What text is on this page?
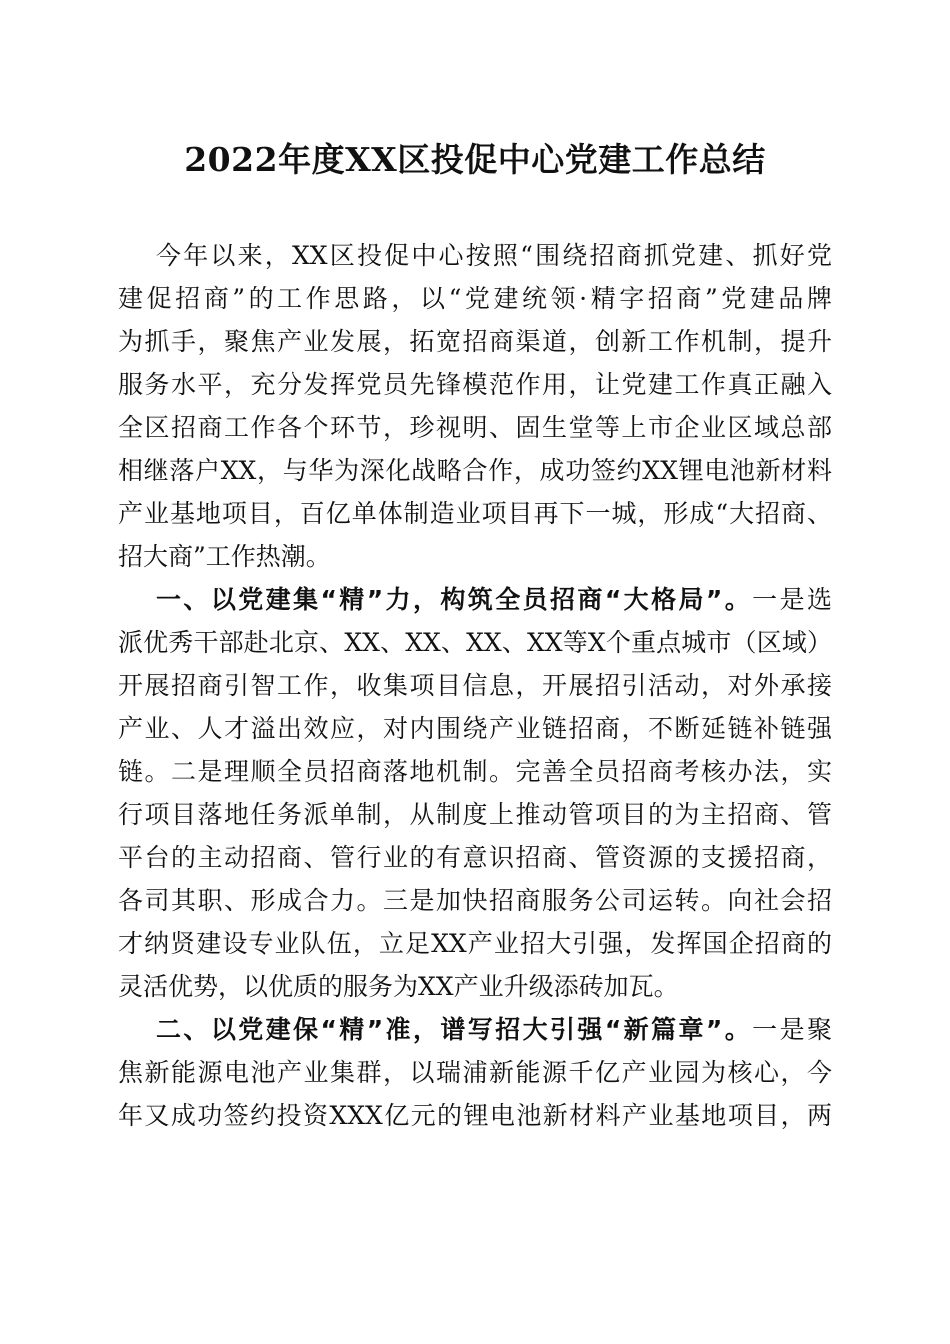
2022年度XX区投促中心党建工作总结
今年以来，XX区投促中心按照“围绕招商抓党建、抓好党
建促招商”的工作思路，以“党建统领·精字招商”党建品牌
为抓手，聚焦产业发展，拓宽招商渠道，创新工作机制，提升
服务水平，充分发挥党员先锋模范作用，让党建工作真正融入
全区招商工作各个环节，珍视明、固生堂等上市企业区域总部
相继落户XX，与华为深化战略合作，成功签约XX锂电池新材料
产业基地项目，百亿单体制造业项目再下一城，形成“大招商、
招大商”工作热潮。
一、以党建集“精”力，构筑全员招商“大格局”。一是选
派优秀干部赴北京、XX、XX、XX、XX等X个重点城市（区域）
开展招商引智工作，收集项目信息，开展招引活动，对外承接
产业、人才溢出效应，对内围绕产业链招商，不断延链补链强
链。二是理顺全员招商落地机制。完善全员招商考核办法，实
行项目落地任务派单制，从制度上推动管项目的为主招商、管
平台的主动招商、管行业的有意识招商、管资源的支援招商，
各司其职、形成合力。三是加快招商服务公司运转。向社会招
才纳贤建设专业队伍，立足XX产业招大引强，发挥国企招商的
灵活优势，以优质的服务为XX产业升级添砖加瓦。
二、以党建保“精”准，谱写招大引强“新篇章”。一是聚
焦新能源电池产业集群，以瑞浦新能源千亿产业园为核心，今
年又成功签约投资XXX亿元的锂电池新材料产业基地项目，两
